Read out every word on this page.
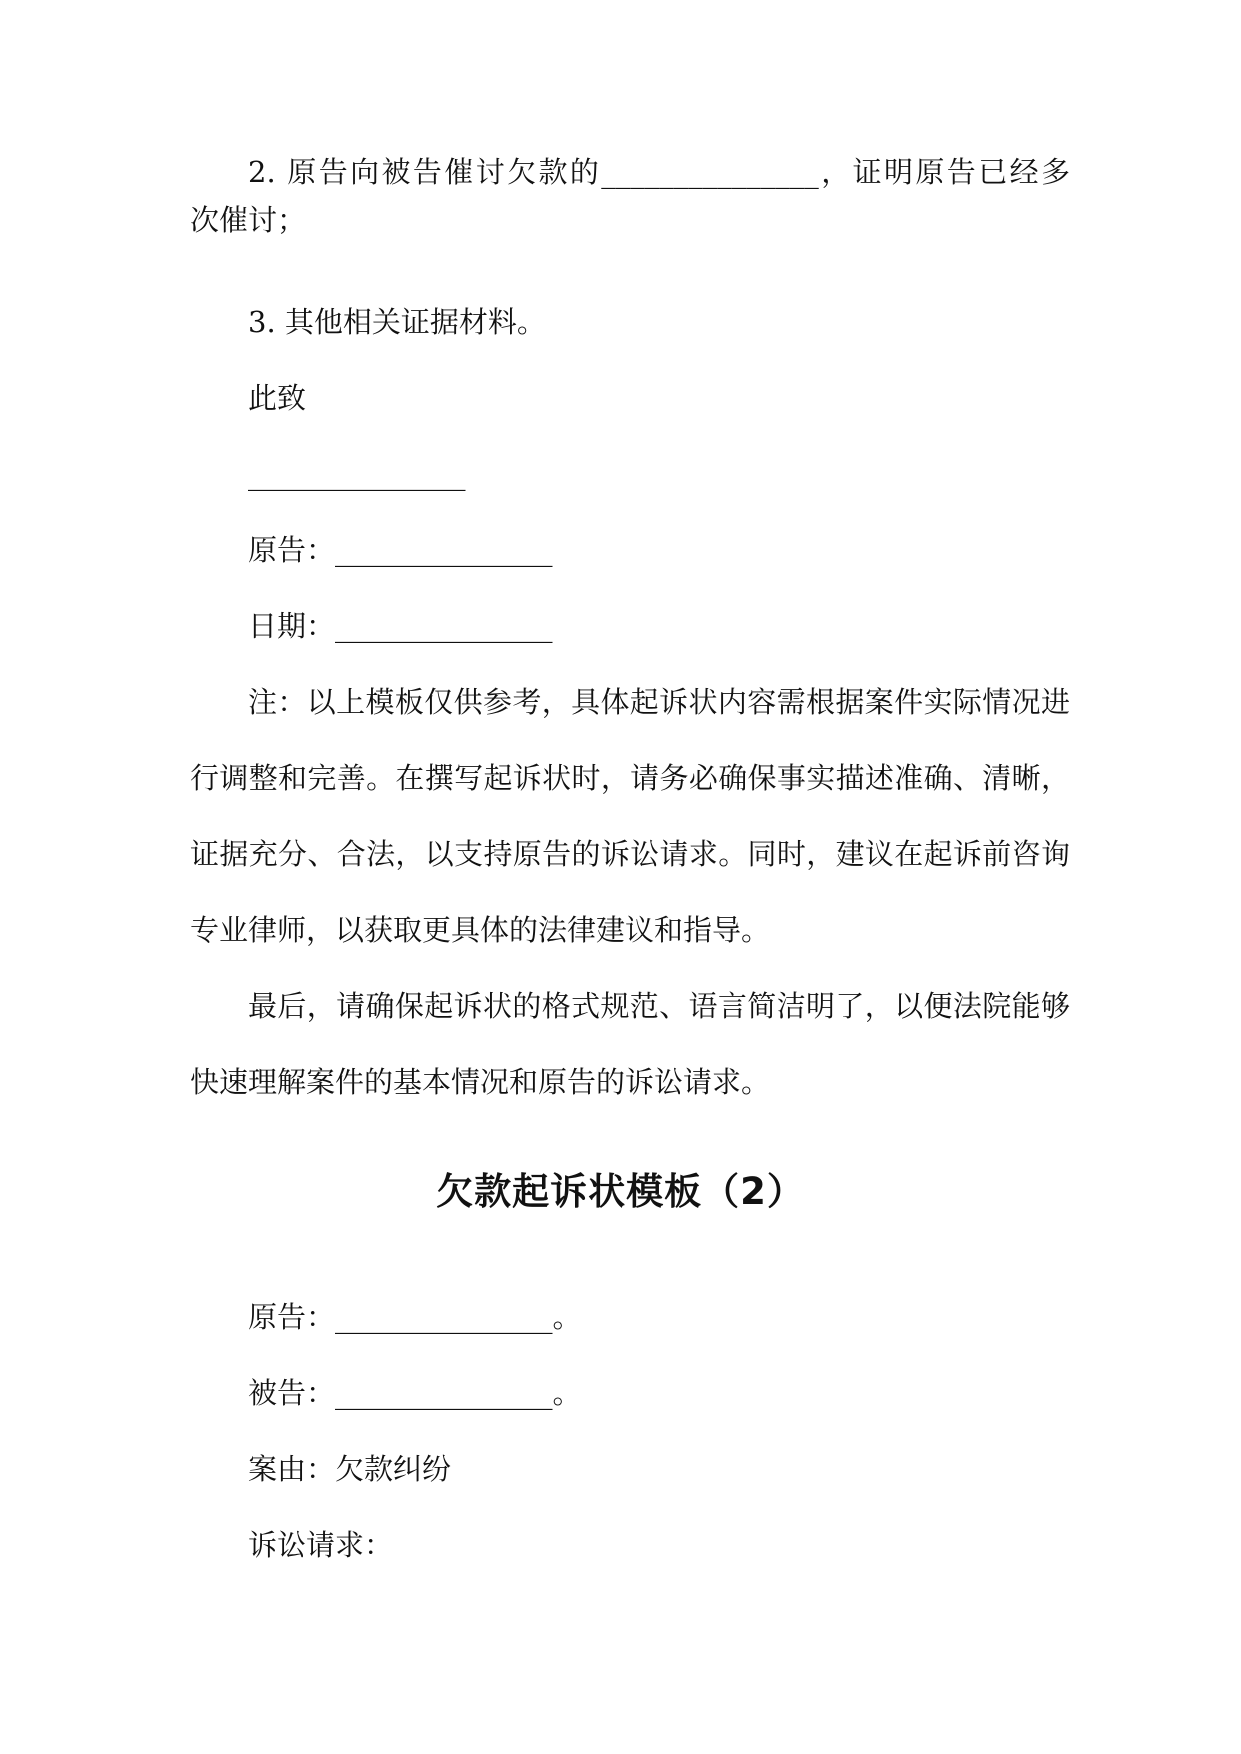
2. 原告向被告催讨欠款的_______________，证明原告已经多
次催讨；
3. 其他相关证据材料。
此致
_______________
原告：_______________
日期：_______________
注：以上模板仅供参考，具体起诉状内容需根据案件实际情况进
行调整和完善。在撰写起诉状时，请务必确保事实描述准确、清晰，
证据充分、合法，以支持原告的诉讼请求。同时，建议在起诉前咨询
专业律师，以获取更具体的法律建议和指导。
最后，请确保起诉状的格式规范、语言简洁明了，以便法院能够
快速理解案件的基本情况和原告的诉讼请求。
欠款起诉状模板（2）
原告：_______________。
被告：_______________。
案由：欠款纠纷
诉讼请求：
